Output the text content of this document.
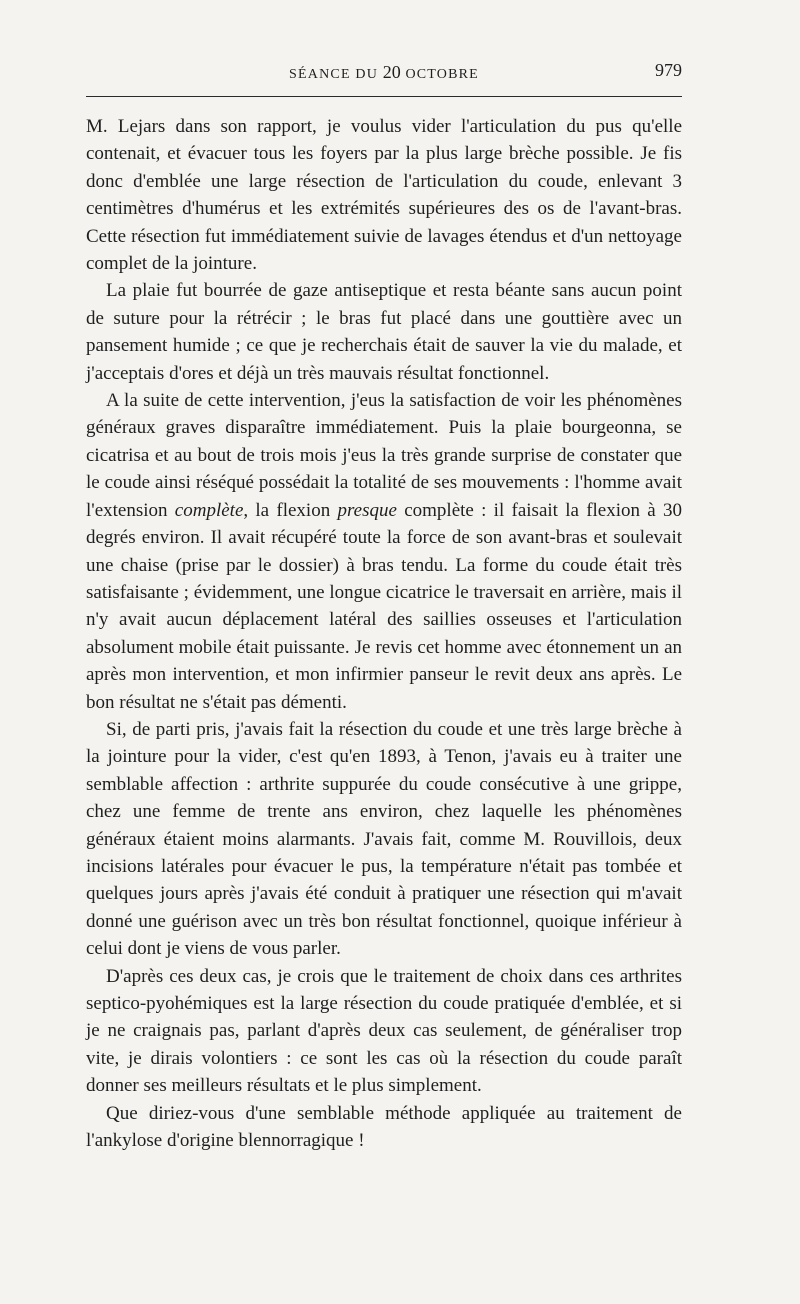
SÉANCE DU 20 OCTOBRE	979

M. Lejars dans son rapport, je voulus vider l'articulation du pus qu'elle contenait, et évacuer tous les foyers par la plus large brèche possible. Je fis donc d'emblée une large résection de l'articulation du coude, enlevant 3 centimètres d'humérus et les extrémités supérieures des os de l'avant-bras. Cette résection fut immédiatement suivie de lavages étendus et d'un nettoyage complet de la jointure.

La plaie fut bourrée de gaze antiseptique et resta béante sans aucun point de suture pour la rétrécir ; le bras fut placé dans une gouttière avec un pansement humide ; ce que je recherchais était de sauver la vie du malade, et j'acceptais d'ores et déjà un très mauvais résultat fonctionnel.

A la suite de cette intervention, j'eus la satisfaction de voir les phénomènes généraux graves disparaître immédiatement. Puis la plaie bourgeonna, se cicatrisa et au bout de trois mois j'eus la très grande surprise de constater que le coude ainsi réséqué possédait la totalité de ses mouvements : l'homme avait l'extension complète, la flexion presque complète : il faisait la flexion à 30 degrés environ. Il avait récupéré toute la force de son avant-bras et soulevait une chaise (prise par le dossier) à bras tendu. La forme du coude était très satisfaisante ; évidemment, une longue cicatrice le traversait en arrière, mais il n'y avait aucun déplacement latéral des saillies osseuses et l'articulation absolument mobile était puissante. Je revis cet homme avec étonnement un an après mon intervention, et mon infirmier panseur le revit deux ans après. Le bon résultat ne s'était pas démenti.

Si, de parti pris, j'avais fait la résection du coude et une très large brèche à la jointure pour la vider, c'est qu'en 1893, à Tenon, j'avais eu à traiter une semblable affection : arthrite suppurée du coude consécutive à une grippe, chez une femme de trente ans environ, chez laquelle les phénomènes généraux étaient moins alarmants. J'avais fait, comme M. Rouvillois, deux incisions latérales pour évacuer le pus, la température n'était pas tombée et quelques jours après j'avais été conduit à pratiquer une résection qui m'avait donné une guérison avec un très bon résultat fonctionnel, quoique inférieur à celui dont je viens de vous parler.

D'après ces deux cas, je crois que le traitement de choix dans ces arthrites septico-pyohémiques est la large résection du coude pratiquée d'emblée, et si je ne craignais pas, parlant d'après deux cas seulement, de généraliser trop vite, je dirais volontiers : ce sont les cas où la résection du coude paraît donner ses meilleurs résultats et le plus simplement.

Que diriez-vous d'une semblable méthode appliquée au traitement de l'ankylose d'origine blennorragique !
